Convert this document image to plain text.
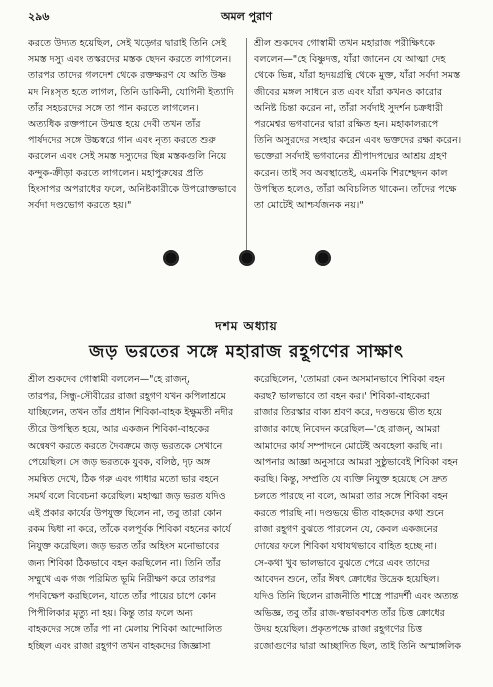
২৯৬	অমল পুরাণ
করতে উদ্যত হয়েছিল, সেই খড়্গের দ্বারাই তিনি সেই
সমস্ত দস্যু এবং তস্করদের মস্তক ছেদন করতে লাগলেন।
তারপর তাদের গলদেশ থেকে রক্তক্ষরণ যে অতি উষ্ণ
মদ নিঃসৃত হতে লাগল, তিনি ডাকিনী, যোগিনী ইত্যাদি
তাঁর সহচরদের সঙ্গে তা পান করতে লাগলেন।
অত্যধিক রক্তপানে উন্মত্ত হয়ে দেবী তখন তাঁর
পার্ষদদের সঙ্গে উচ্চস্বরে গান এবং নৃত্য করতে শুরু
করলেন এবং সেই সমস্ত দস্যুদের ছিন্ন মস্তকগুলি নিয়ে
কন্দুক-ক্রীড়া করতে লাগলেন। মহাপুরুষের প্রতি
হিংসাপর অপরাধের ফলে, অনিষ্টকারীকে উপরোক্তভাবে
সর্বদা দণ্ডভোগ করতে হয়।"
শ্রীল শুকদেব গোস্বামী তখন মহারাজ পরীক্ষিৎকে
বললেন—"হে বিষ্ণুদত্ত, যাঁরা জানেন যে আত্মা দেহ
থেকে ভিন্ন, যাঁরা হৃদয়গ্রন্থি থেকে মুক্ত, যাঁরা সর্বদা সমস্ত
জীবের মঙ্গল সাধনে রত এবং যাঁরা কখনও কারোর
অনিষ্ট চিন্তা করেন না, তাঁরা সর্বদাই সুদর্শন চক্রধারী
পরমেশ্বর ভগবানের দ্বারা রক্ষিত হন। মহাকালরূপে
তিনি অসুরদের সংহার করেন এবং ভক্তদের রক্ষা করেন।
ভক্তেরা সর্বদাই ভগবানের শ্রীপাদপদ্মের আশ্রয় গ্রহণ
করেন। তাই সব অবস্থাতেই, এমনকি শিরশ্ছেদন কাল
উপস্থিত হলেও, তাঁরা অবিচলিত থাকেন। তাঁদের পক্ষে
তা মোটেই আশ্চর্যজনক নয়।"
দশম অধ্যায়
জড় ভরতের সঙ্গে মহারাজ রহূগণের সাক্ষাৎ
শ্রীল শুকদেব গোস্বামী বললেন—"হে রাজন্‌,
তারপর, সিন্ধু-সৌবীরের রাজা রহূগণ যখন কপিলাশ্রমে
যাচ্ছিলেন, তখন তাঁর প্রধান শিবিকা-বাহক ইক্ষুমতী নদীর
তীরে উপস্থিত হয়ে, আর একজন শিবিকা-বাহকের
অন্বেষণ করতে করতে দৈবক্রমে জড় ভরতকে সেখানে
পেয়েছিল। সে জড় ভরতকে যুবক, বলিষ্ঠ, দৃঢ় অঙ্গ
সমন্বিত দেখে, ঠিক গরু এবং গাধার মতো ভার বহনে
সমর্থ বলে বিবেচনা করেছিল। মহাত্মা জড় ভরত যদিও
এই প্রকার কার্যের উপযুক্ত ছিলেন না, তবু তারা কোন
রকম দ্বিধা না করে, তাঁকে বলপূর্বক শিবিকা বহনের কার্যে
নিযুক্ত করেছিল। জড় ভরত তাঁর অহিংস মনোভাবের
জন্য শিবিকা ঠিকভাবে বহন করছিলেন না। তিনি তাঁর
সম্মুখে এক গজ পরিমিত ভূমি নিরীক্ষণ করে তারপর
পদবিক্ষেপ করছিলেন, যাতে তাঁর পায়ের চাপে কোন
পিপীলিকার মৃত্যু না হয়। কিন্তু তার ফলে অন্য
বাহকদের সঙ্গে তাঁর পা না মেলায় শিবিকা আন্দোলিত
হচ্ছিল এবং রাজা রহূগণ তখন বাহকদের জিজ্ঞাসা
করেছিলেন, 'তোমরা কেন অসমানভাবে শিবিকা বহন
করছ? ভালভাবে তা বহন কর।' শিবিকা-বাহকেরা
রাজার তিরস্কার বাক্য শ্রবণ করে, দণ্ডভয়ে ভীত হয়ে
রাজার কাছে নিবেদন করেছিল—'হে রাজন্‌, আমরা
আমাদের কার্য সম্পাদনে মোটেই অবহেলা করছি না।
আপনার আজ্ঞা অনুসারে আমরা সুষ্ঠুভাবেই শিবিকা বহন
করছি। কিন্তু, সম্প্রতি যে ব্যক্তি নিযুক্ত হয়েছে সে দ্রুত
চলতে পারছে না বলে, আমরা তার সঙ্গে শিবিকা বহন
করতে পারছি না। দণ্ডভয়ে ভীত বাহকদের কথা শুনে
রাজা রহূগণ বুঝতে পারলেন যে, কেবল একজনের
দোষের ফলে শিবিকা যথাযথভাবে বাহিত হচ্ছে না।
সে-কথা খুব ভালভাবে বুঝতে পেরে এবং তাদের
আবেদন শুনে, তাঁর ঈষৎ ক্রোধের উদ্রেক হয়েছিল।
যদিও তিনি ছিলেন রাজনীতি শাস্ত্রে পারদর্শী এবং অত্যন্ত
অভিজ্ঞ, তবু তাঁর রাজ-স্বভাববশত তাঁর চিত্ত ক্রোধের
উদয় হয়েছিল। প্রকৃতপক্ষে রাজা রহূগণের চিত্ত
রজোগুণের দ্বারা আচ্ছাদিত ছিল, তাই তিনি অস্মাঙ্গলিক
